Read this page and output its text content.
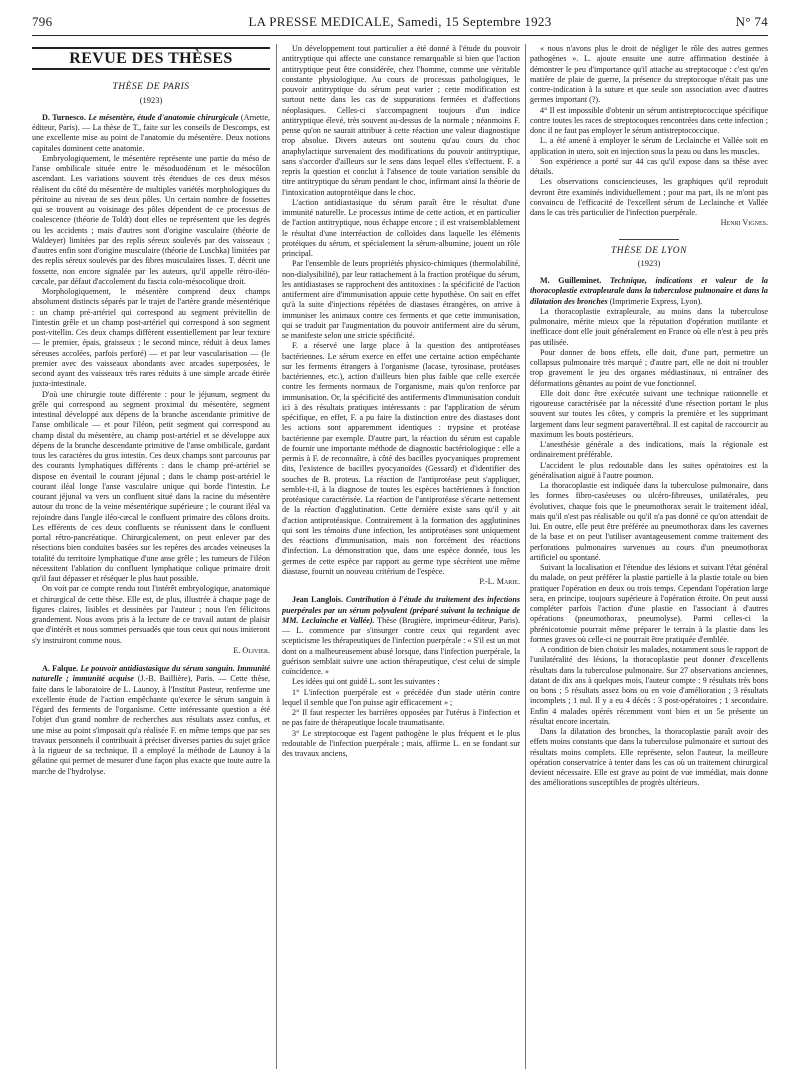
LA PRESSE MEDICALE, Samedi, 15 Septembre 1923
796	N° 74

REVUE DES THÈSES

THÈSE DE PARIS

(1923)

D. Turnesco. Le mésentère, étude d'anatomie chirurgicale (Arnette, éditeur, Paris). — La thèse de T., faite sur les conseils de Descomps, est une excellente mise au point de l'anatomie du mésentère. Deux notions capitales dominent cette anatomie.

Embryologiquement, le mésentère représente une partie du méso de l'anse ombilicale située entre le mésoduodénum et le mésocôlon ascendant. Les variations souvent très étendues de ces deux mésos réalisent du côté du mésentère de multiples variétés morphologiques du péritoine au niveau de ses deux pôles. Un certain nombre de fossettes qui se trouvent au voisinage des pôles dépendent de ce processus de coalescence (théorie de Toldt) dont elles ne représentent que les degrés ou les accidents ; mais d'autres sont d'origine vasculaire (théorie de Waldeyer) limitées par des replis séreux soulevés par des vaisseaux ; d'autres enfin sont d'origine musculaire (théorie de Luschka) limitées par des replis séreux soulevés par des fibres musculaires lisses. T. décrit une fossette, non encore signalée par les auteurs, qu'il appelle rétro-iléo-cæcale, par défaut d'accolement du fascia colo-mésocolique droit.

Morphologiquement, le mésentère comprend deux champs absolument distincts séparés par le trajet de l'artère grande mésentérique : un champ pré-artériel qui correspond au segment prévitellin de l'intestin grêle et un champ post-artériel qui correspond à son segment post-vitellin. Ces deux champs diffèrent essentiellement par leur texture — le premier, épais, graisseux ; le second mince, réduit à deux lames séreuses accolées, parfois perforé) — et par leur vascularisation — (le premier avec des vaisseaux abondants avec arcades superposées, le second ayant des vaisseaux très rares réduits à une simple arcade étirée juxta-intestinale.

D'où une chirurgie toute différente : pour le jéjunum, segment du grêle qui correspond au segment proximal du mésentère, segment intestinal développé aux dépens de la branche ascendante primitive de l'anse ombilicale — et pour l'iléon, petit segment qui correspond au champ distal du mésentère, au champ post-artériel et se développe aux dépens de la branche descendante primitive de l'anse ombilicale, gardant tous les caractères du gros intestin. Ces deux champs sont parcourus par des courants lymphatiques différents : dans le champ pré-artériel se dispose en éventail le courant jéjunal ; dans le champ post-artériel le courant iléal longe l'anse vasculaire unique qui borde l'intestin. Le courant jéjunal va vers un confluent situé dans la racine du mésentère autour du tronc de la veine mésentérique supérieure ; le courant iléal va rejoindre dans l'angle iléo-cæcal le confluent primaire des côlons droits. Les efférents de ces deux confluents se réunissent dans le confluent portal rétro-pancréatique. Chirurgicalement, on peut enlever par des résections bien conduites basées sur les repères des arcades veineuses la totalité du territoire lymphatique d'une anse grêle ; les tumeurs de l'iléon nécessitent l'ablation du confluent lymphatique colique primaire droit qu'il faut dépasser et réséquer le plus haut possible.

On voit par ce compte rendu tout l'intérêt embryologique, anatomique et chirurgical de cette thèse. Elle est, de plus, illustrée à chaque page de figures claires, lisibles et dessinées par l'auteur ; nous l'en félicitons grandement. Nous avons pris à la lecture de ce travail autant de plaisir que d'intérêt et nous sommes persuadés que tous ceux qui nous imiteront s'y instruiront comme nous.

E. Olivier.

A. Falque. Le pouvoir antidiastasique du sérum sanguin. Immunité naturelle ; immunité acquise (J.-B. Baillière), Paris. — Cette thèse, faite dans le laboratoire de L. Launoy, à l'Institut Pasteur, renferme une excellente étude de l'action empêchante qu'exerce le sérum sanguin à l'égard des ferments de l'organisme. Cette intéressante question a été l'objet d'un grand nombre de recherches aux résultats assez confus, et une mise au point s'imposait qu'a réalisée F. en même temps que par ses travaux personnels il contribuait à préciser diverses parties du sujet grâce à la rigueur de sa technique. Il a employé la méthode de Launoy à la gélatine qui permet de mesurer d'une façon plus exacte que toute autre la marche de l'hydrolyse.

Un développement tout particulier a été donné à l'étude du pouvoir antitryptique qui affecte une constance remarquable si bien que l'action antitryptique peut être considérée, chez l'homme, comme une véritable constante physiologique. Au cours de processus pathologiques, le pouvoir antitryptique du sérum peut varier ; cette modification est surtout nette dans les cas de suppurations fermées et d'affections néoplasiques. Celles-ci s'accompagnent toujours d'un indice antitryptique élevé, très souvent au-dessus de la normale ; néanmoins F. pense qu'on ne saurait attribuer à cette réaction une valeur diagnostique trop absolue. Divers auteurs ont soutenu qu'au cours du choc anaphylactique survenaient des modifications du pouvoir antitryptique, sans s'accorder d'ailleurs sur le sens dans lequel elles s'effectuent. F. a repris la question et conclut à l'absence de toute variation sensible du titre antitryptique du sérum pendant le choc, infirmant ainsi la théorie de l'intoxication autoprotéique dans le choc.

L'action antidiastasique du sérum paraît être le résultat d'une immunité naturelle. Le processus intime de cette action, et en particulier de l'action antitryptique, nous échappe encore ; il est vraisemblablement le résultat d'une interréaction de colloïdes dans laquelle les éléments protéiques du sérum, et spécialement la sérum-albumine, jouent un rôle principal.

Par l'ensemble de leurs propriétés physico-chimiques (thermolabilité, non-dialysibilité), par leur rattachement à la fraction protéique du sérum, les antidiastases se rapprochent des antitoxines : la spécificité de l'action antiferment aire d'immunisation appuie cette hypothèse. On sait en effet qu'à la suite d'injections répétées de diastases étrangères, on arrive à immuniser les animaux contre ces ferments et que cette immunisation, qui se traduit par l'augmentation du pouvoir antiferment aire du sérum, se manifeste selon une stricte spécificité.

F. a réservé une large place à la question des antiprotéases bactériennes. Le sérum exerce en effet une certaine action empêchante sur les ferments étrangers à l'organisme (lacase, tyrosinase, protéases bactériennes, etc.), action d'ailleurs bien plus faible que celle exercée contre les ferments normaux de l'organisme, mais qu'on renforce par immunisation. Or, la spécificité des antiferments d'immunisation conduit ici à des résultats pratiques intéressants : par l'application de sérum spécifique, en effet, F. a pu faire la distinction entre des diastases dont les actions sont apparemment identiques : trypsine et protéase bactérienne par exemple. D'autre part, la réaction du sérum est capable de fournir une importante méthode de diagnostic bactériologique : elle a permis à F. de reconnaître, à côté des bacilles pyocyaniques proprement dits, l'existence de bacilles pyocyanoïdes (Gessard) et d'identifier des souches de B. proteus. La réaction de l'antiprotéase peut s'appliquer, semble-t-il, à la diagnose de toutes les espèces bactériennes à fonction protéasique caractérisée. La réaction de l'antiprotéase s'écarte nettement de la réaction d'agglutination. Cette dernière existe sans qu'il y ait d'action antiprotéasique. Contrairement à la formation des agglutinines qui sont les témoins d'une infection, les antiprotéases sont uniquement des réactions d'immunisation, mais non forcément des réactions d'infection. La démonstration que, dans une espèce donnée, tous les germes de cette espèce par rapport au germe type sécrètent une même diastase, fournit un nouveau critérium de l'espèce.

P.-L. Marie.

Jean Langlois. Contribution à l'étude du traitement des infections puerpérales par un sérum polyvalent (préparé suivant la technique de MM. Leclainche et Vallée). Thèse (Brugière, imprimeur-éditeur, Paris). — L. commence par s'insurger contre ceux qui regardent avec scepticisme les thérapeutiques de l'infection puerpérale : « S'il est un mot dont on a malheureusement abusé lorsque, dans l'infection puerpérale, la guérison semblait suivre une action thérapeutique, c'est celui de simple coïncidence. »

Les idées qui ont guidé L. sont les suivantes :

1° L'infection puerpérale est « précédée d'un stade utérin contre lequel il semble que l'on puisse agir efficacement » ;

2° Il faut respecter les barrières opposées par l'utérus à l'infection et ne pas faire de thérapeutique locale traumatisante.

3° Le streptocoque est l'agent pathogène le plus fréquent et le plus redoutable de l'infection puerpérale ; mais, affirme L. en se fondant sur des travaux anciens,

« nous n'avons plus le droit de négliger le rôle des autres germes pathogènes ». L. ajoute ensuite une autre affirmation destinée à démontrer le peu d'importance qu'il attache au streptocoque : c'est qu'en matière de plaie de guerre, la présence du streptocoque n'était pas une contre-indication à la suture et que seule son association avec d'autres germes important (?).

4° Il est impossible d'obtenir un sérum antistreptococcique spécifique contre toutes les races de streptocoques rencontrées dans cette infection ; donc il ne faut pas employer le sérum antistreptococcique.

L. a été amené à employer le sérum de Leclainche et Vallée soit en application in utero, soit en injection sous la peau ou dans les muscles.

Son expérience a porté sur 44 cas qu'il expose dans sa thèse avec détails.

Les observations consciencieuses, les graphiques qu'il reproduit devront être examinés individuellement ; pour ma part, ils ne m'ont pas convaincu de l'efficacité de l'excellent sérum de Leclainche et Vallée dans le cas très particulier de l'infection puerpérale.

Henri Vignes.

THÈSE DE LYON

(1923)

M. Guilleminet. Technique, indications et valeur de la thoracoplastie extrapleurale dans la tuberculose pulmonaire et dans la dilatation des bronches (Imprimerie Express, Lyon).

La thoracoplastie extrapleurale, au moins dans la tuberculose pulmonaire, mérite mieux que la réputation d'opération mutilante et inefficace dont elle jouit généralement en France où elle n'est à peu près pas utilisée.

Pour donner de bons effets, elle doit, d'une part, permettre un collapsus pulmonaire très marqué ; d'autre part, elle ne doit ni troubler trop gravement le jeu des organes médiastinaux, ni entraîner des déformations gênantes au point de vue fonctionnel.

Elle doit donc être exécutée suivant une technique rationnelle et rigoureuse caractérisée par la nécessité d'une résection portant le plus souvent sur toutes les côtes, y compris la première et les supprimant largement dans leur segment paravertébral. Il est capital de raccourcir au maximum les bouts postérieurs.

L'anesthésie générale a des indications, mais la régionale est ordinairement préférable.

L'accident le plus redoutable dans les suites opératoires est la généralisation aiguë à l'autre poumon.

La thoracoplastie est indiquée dans la tuberculose pulmonaire, dans les formes fibro-caséeuses ou ulcéro-fibreuses, unilatérales, peu évolutives, chaque fois que le pneumothorax serait le traitement idéal, mais qu'il n'est pas réalisable ou qu'il n'a pas donné ce qu'on attendait de lui. En outre, elle peut être préférée au pneumothorax dans les cavernes de la base et on peut l'utiliser avantageusement comme traitement des perforations pulmonaires survenues au cours d'un pneumothorax artificiel ou spontané.

Suivant la localisation et l'étendue des lésions et suivant l'état général du malade, on peut préférer la plastie partielle à la plastie totale ou bien pratiquer l'opération en deux ou trois temps. Cependant l'opération large sera, en principe, toujours supérieure à l'opération étroite. On peut aussi compléter parfois l'action d'une plastie en l'associant à d'autres opérations (pneumothorax, pneumolyse). Parmi celles-ci la phrénicotomie pourrait même préparer le terrain à la plastie dans les formes graves où celle-ci ne pourrait être pratiquée d'emblée.

A condition de bien choisir les malades, notamment sous le rapport de l'unilatéralité des lésions, la thoracoplastie peut donner d'excellents résultats dans la tuberculose pulmonaire. Sur 27 observations anciennes, datant de dix ans à quelques mois, l'auteur compte : 9 résultats très bons ou bons ; 5 résultats assez bons ou en voie d'amélioration ; 3 résultats incomplets ; 1 nul. Il y a eu 4 décès : 3 post-opératoires ; 1 secondaire. Enfin 4 malades opérés récemment vont bien et un 5e présente un résultat encore incertain.

Dans la dilatation des bronches, la thoracoplastie paraît avoir des effets moins constants que dans la tuberculose pulmonaire et surtout des résultats moins complets. Elle représente, selon l'auteur, la meilleure opération conservatrice à tenter dans les cas où un traitement chirurgical devient nécessaire. Elle est grave au point de vue immédiat, mais donne des améliorations susceptibles de progrès ultérieurs.
